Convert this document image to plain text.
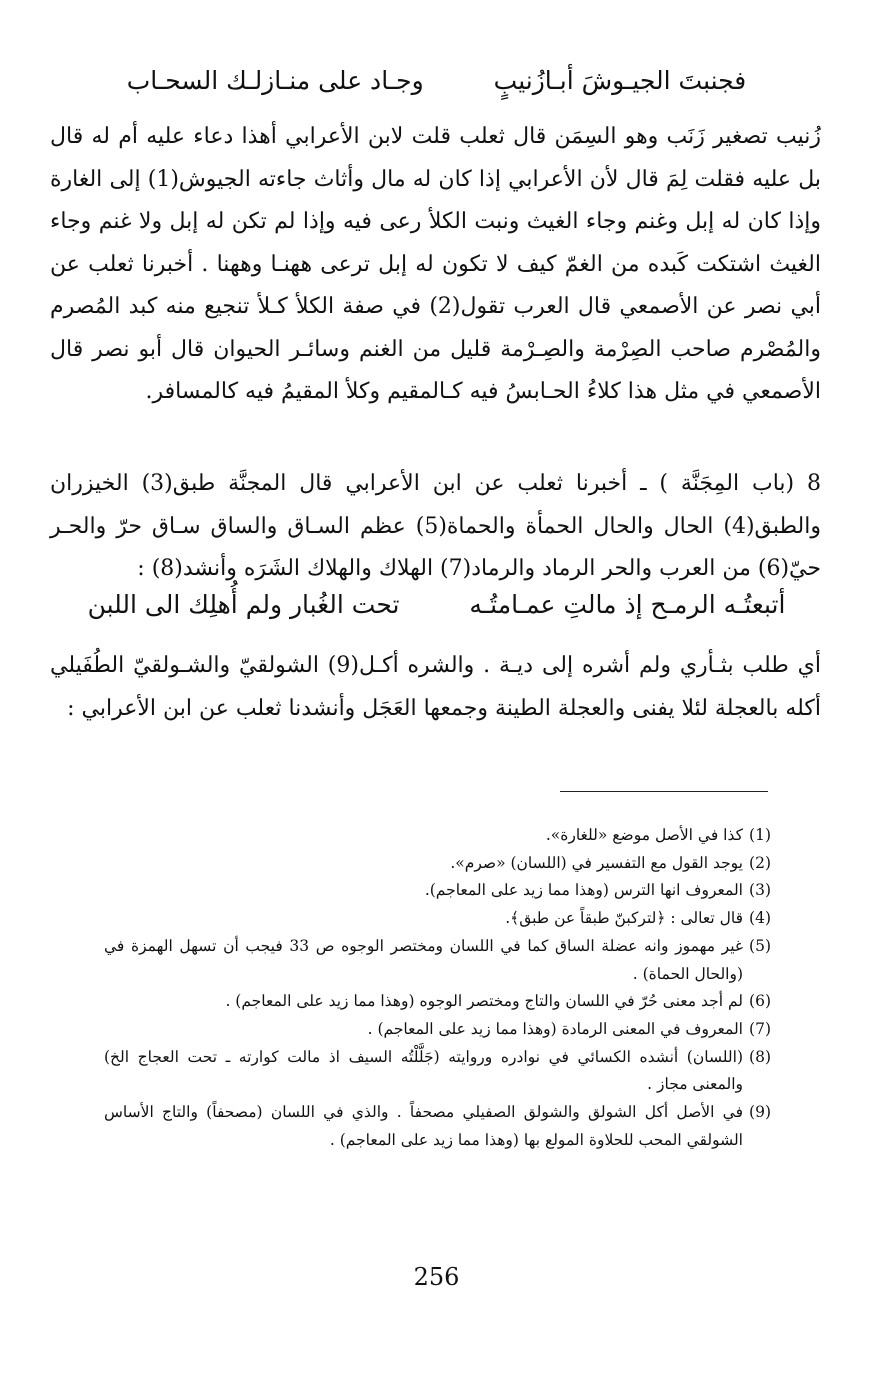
فجنبتَ الجيـوشَ أبـازُنيبٍ
وجـاد على منـازلـك السحـاب

زُنيب تصغير زَنَب وهو السِمَن قال ثعلب قلت لابن الأعرابي أهذا دعاء عليه أم له قال بل عليه فقلت لِمَ قال لأن الأعرابي إذا كان له مال وأثاث جاءته الجيوش(1) إلى الغارة وإذا كان له إبل وغنم وجاء الغيث ونبت الكلأ رعى فيه وإذا لم تكن له إبل ولا غنم وجاء الغيث اشتكت كَبده من الغمّ كيف لا تكون له إبل ترعى ههنـا وههنا . أخبرنا ثعلب عن أبي نصر عن الأصمعي قال العرب تقول(2) في صفة الكلأ كـلأ تنجيع منه كبد المُصرم والمُصْرم صاحب الصِرْمة والصِـرْمة قليل من الغنم وسائـر الحيوان قال أبو نصر قال الأصمعي في مثل هذا كلاءُ الحـابسُ فيه كـالمقيم وكلأ المقيمُ فيه كالمسافر.

8 (باب المِجَنَّة ) ـ أخبرنا ثعلب عن ابن الأعرابي قال المجنَّة طبق(3) الخيزران والطبق(4) الحال والحال الحمأة والحماة(5) عظم السـاق والساق سـاق حرّ والحـر حيّ(6) من العرب والحر الرماد والرماد(7) الهلاك والهلاك الشَرَه وأنشد(8) :

أتبعتُـه الرمـح إذ مالتِ عمـامتُـه
تحت الغُبار ولم أُهلِك الى اللبن

أي طلب بثـأري ولم أشره إلى ديـة . والشره أكـل(9) الشولقيّ والشـولقيّ الطُفَيلي أكله بالعجلة لئلا يفنى والعجلة الطينة وجمعها العَجَل وأنشدنا ثعلب عن ابن الأعرابي :

(1)
كذا في الأصل موضع «للغارة».
(2)
يوجد القول مع التفسير في (اللسان) «صرم».
(3)
المعروف انها الترس (وهذا مما زيد على المعاجم).
(4)
قال تعالى : ﴿لتركبنّ طبقاً عن طبق﴾.
(5)
غير مهموز وانه عضلة الساق كما في اللسان ومختصر الوجوه ص 33 فيجب أن تسهل الهمزة في (والحال الحماة) .
(6)
لم أجد معنى حُرّ في اللسان والتاج ومختصر الوجوه (وهذا مما زيد على المعاجم) .
(7)
المعروف في المعنى الرمادة (وهذا مما زيد على المعاجم) .
(8)
(اللسان) أنشده الكسائي في نوادره وروايته (جَلَّلْتُه السيف اذ مالت كوارته ـ تحت العجاج الخ) والمعنى مجاز .
(9)
في الأصل أكل الشولق والشولق الصفيلي مصحفاً . والذي في اللسان (مصحفاً) والتاج الأساس الشولقي المحب للحلاوة المولع بها (وهذا مما زيد على المعاجم) .
256
